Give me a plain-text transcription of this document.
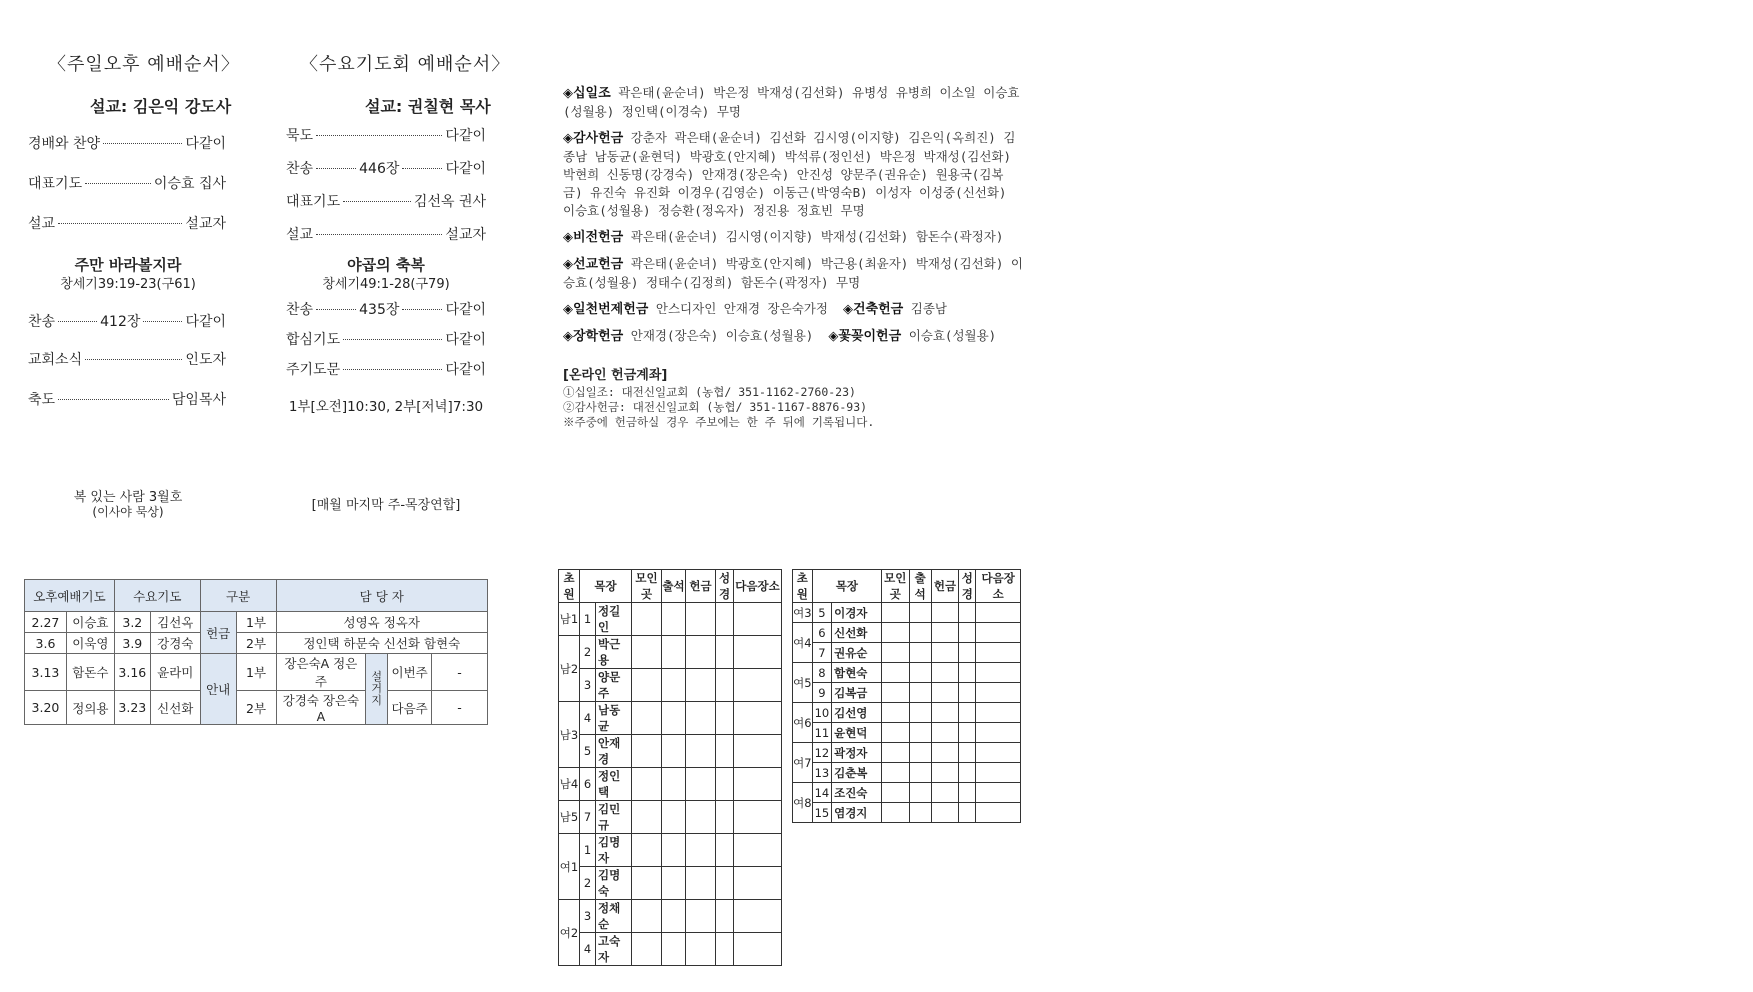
〈주일오후 예배순서〉
설교: 김은익 강도사
경배와 찬양	다같이
대표기도	이승효 집사
설교	설교자
주만 바라볼지라
창세기39:19-23(구61)
찬송	412장	다같이
교회소식	인도자
축도	담임목사
복 있는 사람 3월호
(이사야 묵상)
〈수요기도회 예배순서〉
설교: 권칠현 목사
묵도	다같이
찬송	446장	다같이
대표기도	김선옥 권사
설교	설교자
야곱의 축복
창세기49:1-28(구79)
찬송	435장	다같이
합심기도	다같이
주기도문	다같이
1부[오전]10:30, 2부[저녁]7:30
[매월 마지막 주-목장연합]
◈십일조 곽은태(윤순녀) 박은정 박재성(김선화) 유병성 유병희 이소일 이승효(성월용) 정인택(이경숙) 무명
◈감사헌금 강춘자 곽은태(윤순녀) 김선화 김시영(이지향) 김은익(옥희진) 김종남 남동균(윤현덕) 박광호(안지혜) 박석류(정인선) 박은정 박재성(김선화) 박현희 신동명(강경숙) 안재경(장은숙) 안진성 양문주(권유순) 원용국(김복금) 유진숙 유진화 이경우(김영순) 이동근(박영숙B) 이성자 이성중(신선화) 이승효(성월용) 정승환(정옥자) 정진용 정효빈 무명
◈비전헌금 곽은태(윤순녀) 김시영(이지향) 박재성(김선화) 함돈수(곽정자)
◈선교헌금 곽은태(윤순녀) 박광호(안지혜) 박근용(최윤자) 박재성(김선화) 이승효(성월용) 정태수(김정희) 함돈수(곽정자) 무명
◈일천번제헌금 안스디자인 안재경 장은숙가정 ◈건축헌금 김종남
◈장학헌금 안재경(장은숙) 이승효(성월용) ◈꽃꽂이헌금 이승효(성월용)
[온라인 헌금계좌]
①십일조: 대전신일교회 (농협/ 351-1162-2760-23)
②감사헌금: 대전신일교회 (농협/ 351-1167-8876-93)
※주중에 헌금하실 경우 주보에는 한 주 뒤에 기록됩니다.
오후예배기도		수요기도		구분		담 당 자			
2.27	이승효	3.2	김선옥	헌금	1부	성영옥 정옥자			
3.6	이욱영	3.9	강경숙		2부	정인택 하문숙 신선화 함현숙			
3.13	함돈수	3.16	윤라미	안내	1부	장은숙A 정은주	설거지	이번주	-
3.20	정의용	3.23	신선화		2부	강경숙 장은숙A		다음주	-
초원	목장		모인곳	출석	헌금	성경	다음장소
남1	1	정길인					
남2	2	박근용					
	3	양문주					
남3	4	남동균					
	5	안재경					
남4	6	정인택					
남5	7	김민규					
여1	1	김명자					
	2	김명숙					
여2	3	정채순					
	4	고숙자					
초원	목장		모인곳	출석	헌금	성경	다음장소
여3	5	이경자					
여4	6	신선화					
	7	권유순					
여5	8	함현숙					
	9	김복금					
여6	10	김선영					
	11	윤현덕					
여7	12	곽정자					
	13	김춘복					
여8	14	조진숙					
	15	염경지					
